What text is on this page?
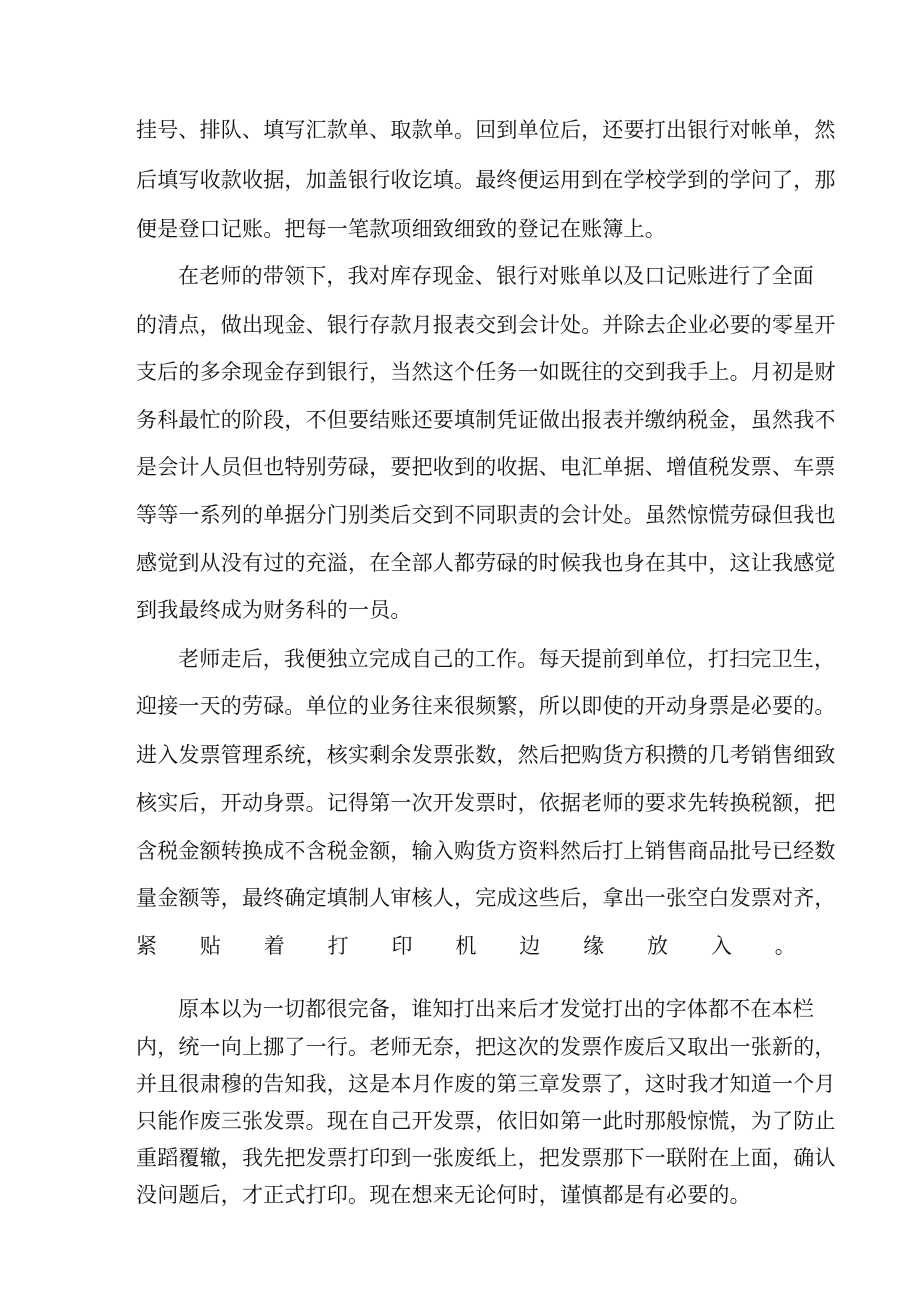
挂号、排队、填写汇款单、取款单。回到单位后，还要打出银行对帐单，然
后填写收款收据，加盖银行收讫填。最终便运用到在学校学到的学问了，那
便是登口记账。把每一笔款项细致细致的登记在账簿上。
在老师的带领下，我对库存现金、银行对账单以及口记账进行了全面
的清点，做出现金、银行存款月报表交到会计处。并除去企业必要的零星开
支后的多余现金存到银行，当然这个任务一如既往的交到我手上。月初是财
务科最忙的阶段，不但要结账还要填制凭证做出报表并缴纳税金，虽然我不
是会计人员但也特别劳碌，要把收到的收据、电汇单据、增值税发票、车票
等等一系列的单据分门别类后交到不同职责的会计处。虽然惊慌劳碌但我也
感觉到从没有过的充溢，在全部人都劳碌的时候我也身在其中，这让我感觉
到我最终成为财务科的一员。
老师走后，我便独立完成自己的工作。每天提前到单位，打扫完卫生，
迎接一天的劳碌。单位的业务往来很频繁，所以即使的开动身票是必要的。
进入发票管理系统，核实剩余发票张数，然后把购货方积攒的几考销售细致
核实后，开动身票。记得第一次开发票时，依据老师的要求先转换税额，把
含税金额转换成不含税金额，输入购货方资料然后打上销售商品批号已经数
量金额等，最终确定填制人审核人，完成这些后，拿出一张空白发票对齐，
紧贴着打印机边缘放入。
原本以为一切都很完备，谁知打出来后才发觉打出的字体都不在本栏
内，统一向上挪了一行。老师无奈，把这次的发票作废后又取出一张新的，
并且很肃穆的告知我，这是本月作废的第三章发票了，这时我才知道一个月
只能作废三张发票。现在自己开发票，依旧如第一此时那般惊慌，为了防止
重蹈覆辙，我先把发票打印到一张废纸上，把发票那下一联附在上面，确认
没问题后，才正式打印。现在想来无论何时，谨慎都是有必要的。
